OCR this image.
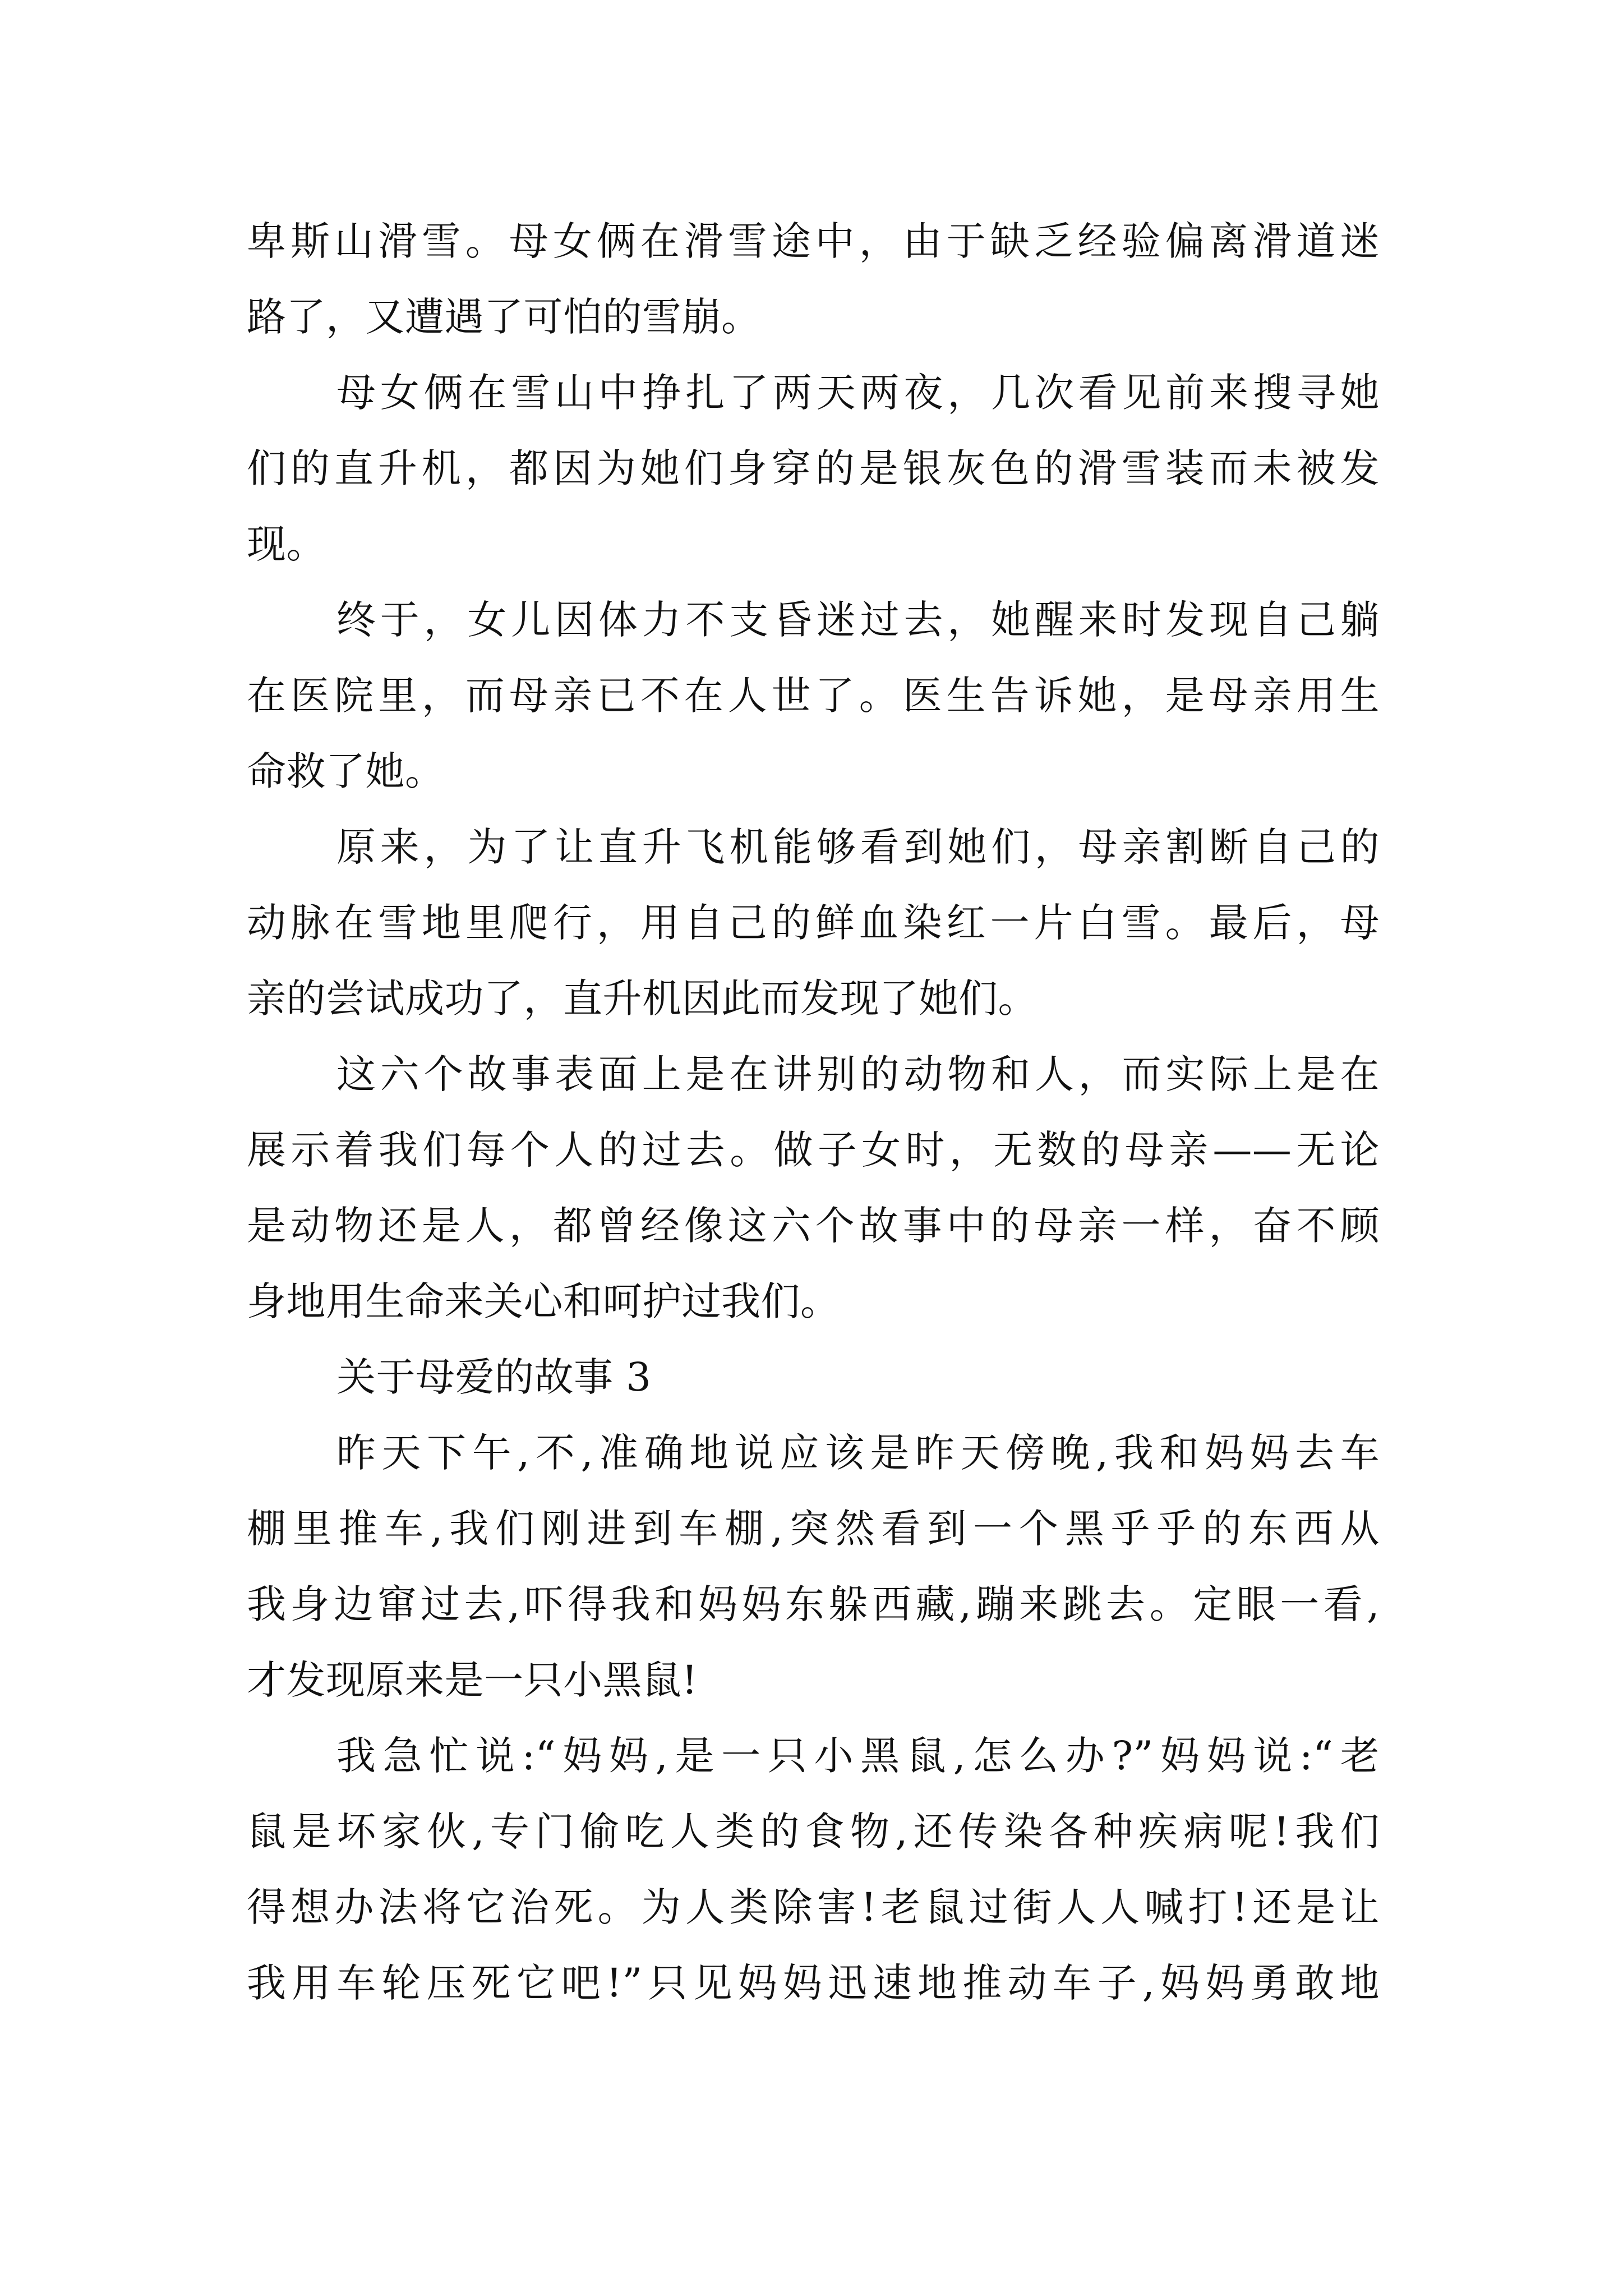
卑斯山滑雪。母女俩在滑雪途中，由于缺乏经验偏离滑道迷
路了，又遭遇了可怕的雪崩。
母女俩在雪山中挣扎了两天两夜，几次看见前来搜寻她
们的直升机，都因为她们身穿的是银灰色的滑雪装而未被发
现。
终于，女儿因体力不支昏迷过去，她醒来时发现自己躺
在医院里，而母亲已不在人世了。医生告诉她，是母亲用生
命救了她。
原来，为了让直升飞机能够看到她们，母亲割断自己的
动脉在雪地里爬行，用自己的鲜血染红一片白雪。最后，母
亲的尝试成功了，直升机因此而发现了她们。
这六个故事表面上是在讲别的动物和人，而实际上是在
展示着我们每个人的过去。做子女时，无数的母亲——无论
是动物还是人，都曾经像这六个故事中的母亲一样，奋不顾
身地用生命来关心和呵护过我们。
关于母爱的故事 3
昨天下午,不,准确地说应该是昨天傍晚,我和妈妈去车
棚里推车,我们刚进到车棚,突然看到一个黑乎乎的东西从
我身边窜过去,吓得我和妈妈东躲西藏,蹦来跳去。定眼一看,
才发现原来是一只小黑鼠!
我急忙说:“妈妈,是一只小黑鼠,怎么办?”妈妈说:“老
鼠是坏家伙,专门偷吃人类的食物,还传染各种疾病呢!我们
得想办法将它治死。为人类除害!老鼠过街人人喊打!还是让
我用车轮压死它吧!”只见妈妈迅速地推动车子,妈妈勇敢地
